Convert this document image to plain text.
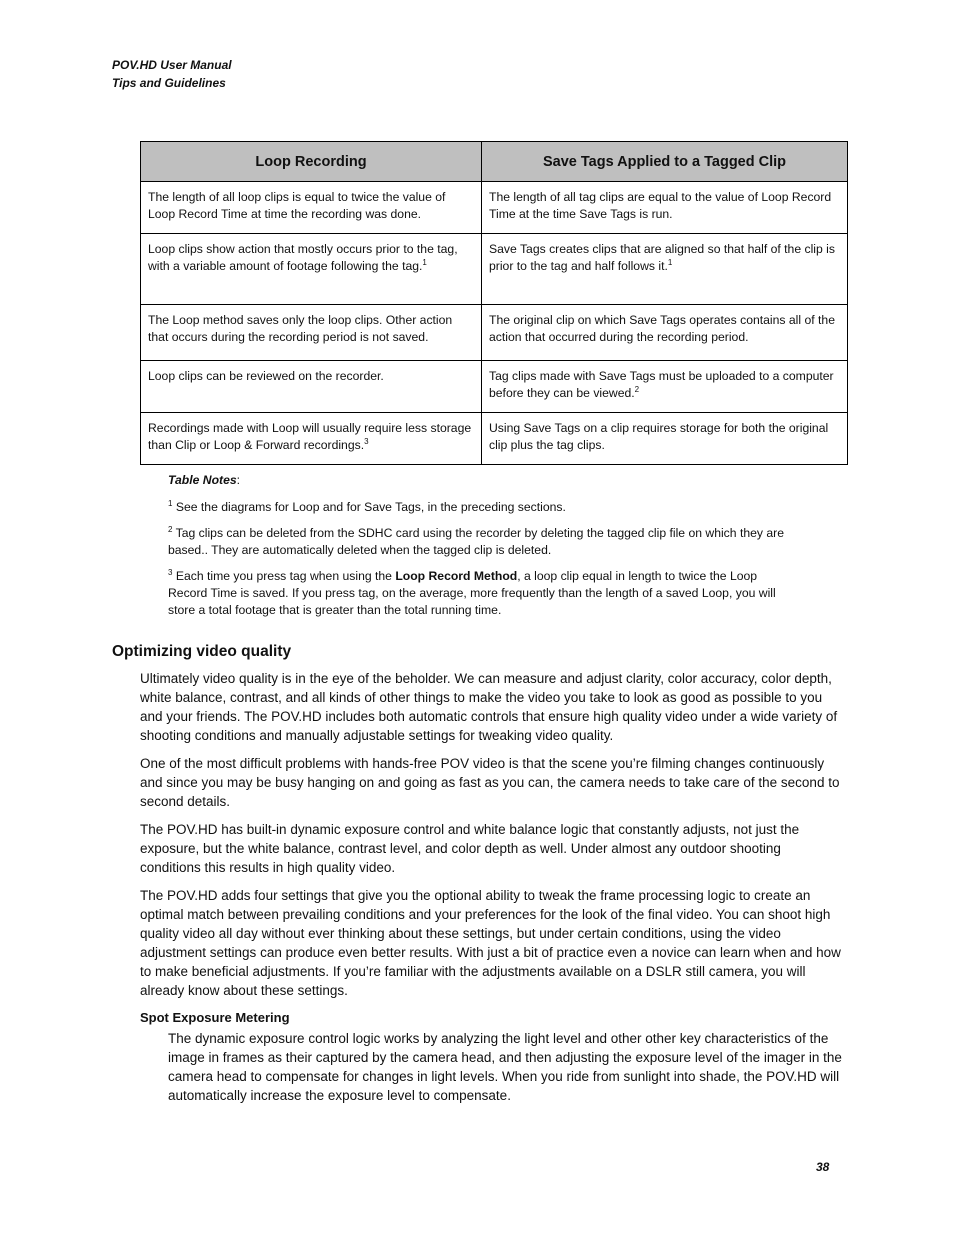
POV.HD User Manual
Tips and Guidelines
Loop Recording	Save Tags Applied to a Tagged Clip
The length of all loop clips is equal to twice the value of Loop Record Time at time the recording was done.	The length of all tag clips are equal to the value of Loop Record Time at the time Save Tags is run.
Loop clips show action that mostly occurs prior to the tag, with a variable amount of footage following the tag.$^1$	Save Tags creates clips that are aligned so that half of the clip is prior to the tag and half follows it.$^1$
The Loop method saves only the loop clips. Other action that occurs during the recording period is not saved.	The original clip on which Save Tags operates contains all of the action that occurred during the recording period.
Loop clips can be reviewed on the recorder.	Tag clips made with Save Tags must be uploaded to a computer before they can be viewed.$^2$
Recordings made with Loop will usually require less storage than Clip or Loop & Forward recordings.$^3$	Using Save Tags on a clip requires storage for both the original clip plus the tag clips.

Table Notes:

$^1$ See the diagrams for Loop and for Save Tags, in the preceding sections.

$^2$ Tag clips can be deleted from the SDHC card using the recorder by deleting the tagged clip file on which they are based.. They are automatically deleted when the tagged clip is deleted.

$^3$ Each time you press tag when using the Loop Record Method, a loop clip equal in length to twice the Loop Record Time is saved. If you press tag, on the average, more frequently than the length of a saved Loop, you will store a total footage that is greater than the total running time.

Optimizing video quality

Ultimately video quality is in the eye of the beholder. We can measure and adjust clarity, color accuracy, color depth, white balance, contrast, and all kinds of other things to make the video you take to look as good as possible to you and your friends. The POV.HD includes both automatic controls that ensure high quality video under a wide variety of shooting conditions and manually adjustable settings for tweaking video quality.

One of the most difficult problems with hands-free POV video is that the scene you’re filming changes continuously and since you may be busy hanging on and going as fast as you can, the camera needs to take care of the second to second details.

The POV.HD has built-in dynamic exposure control and white balance logic that constantly adjusts, not just the exposure, but the white balance, contrast level, and color depth as well. Under almost any outdoor shooting conditions this results in high quality video.

The POV.HD adds four settings that give you the optional ability to tweak the frame processing logic to create an optimal match between prevailing conditions and your preferences for the look of the final video. You can shoot high quality video all day without ever thinking about these settings, but under certain conditions, using the video adjustment settings can produce even better results. With just a bit of practice even a novice can learn when and how to make beneficial adjustments. If you’re familiar with the adjustments available on a DSLR still camera, you will already know about these settings.

Spot Exposure Metering

The dynamic exposure control logic works by analyzing the light level and other other key characteristics of the image in frames as their captured by the camera head, and then adjusting the exposure level of the imager in the camera head to compensate for changes in light levels. When you ride from sunlight into shade, the POV.HD will automatically increase the exposure level to compensate.

38
